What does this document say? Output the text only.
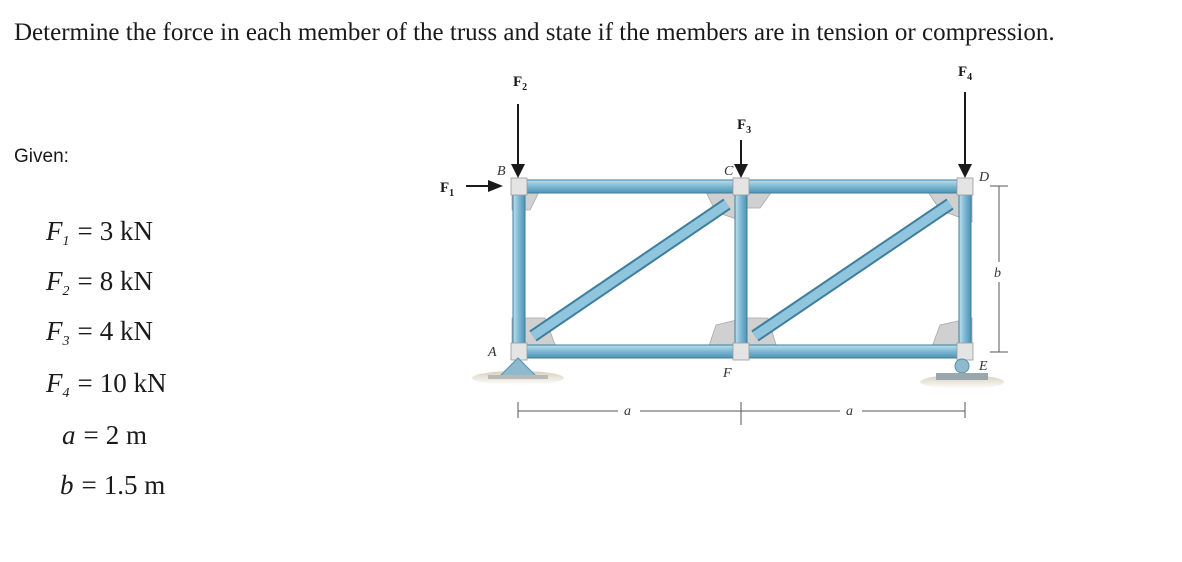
Determine the force in each member of the truss and state if the members are in tension or compression.
Given:
$F_1 = 3$ kN
$F_2 = 8$ kN
$F_3 = 4$ kN
$F_4 = 10$ kN
a = 2 m
b = 1.5 m
$F_2$
$F_3$
$F_4$
$F_1$
B	C	D
A
F	E
a	a
b
